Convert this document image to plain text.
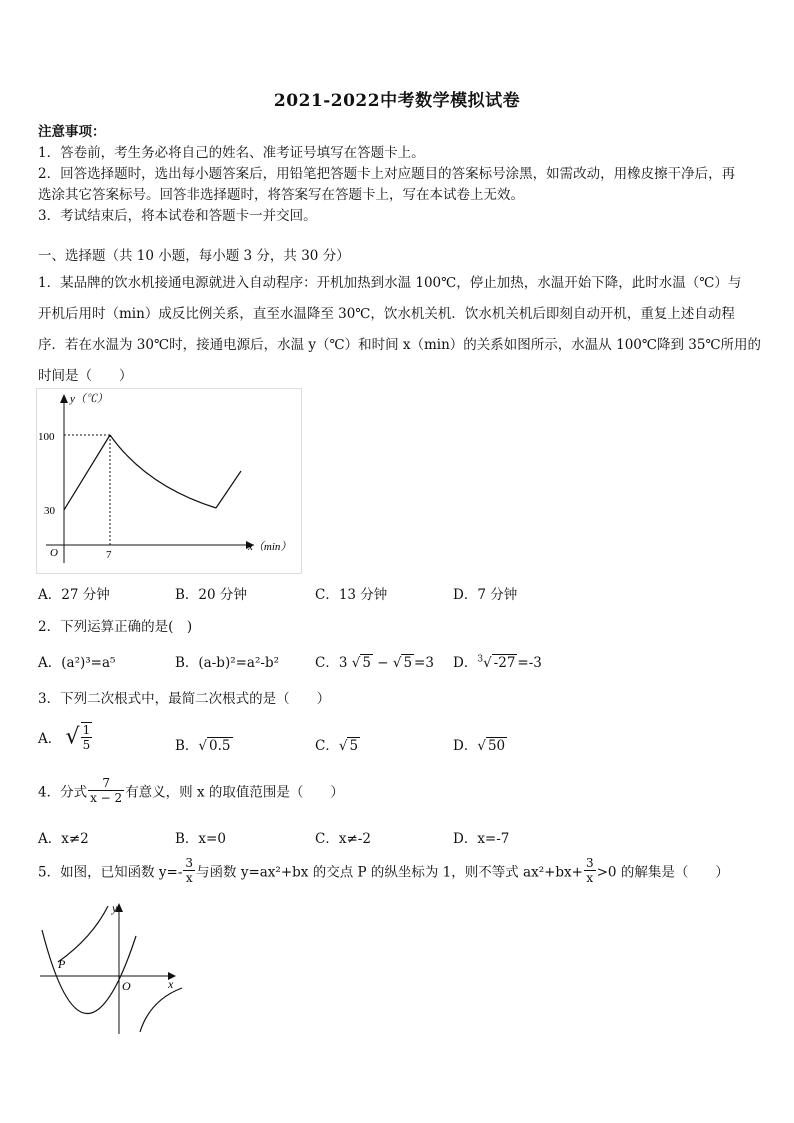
2021-2022中考数学模拟试卷
注意事项：
1．答卷前，考生务必将自己的姓名、准考证号填写在答题卡上。
2．回答选择题时，选出每小题答案后，用铅笔把答题卡上对应题目的答案标号涂黑，如需改动，用橡皮擦干净后，再
选涂其它答案标号。回答非选择题时，将答案写在答题卡上，写在本试卷上无效。
3．考试结束后，将本试卷和答题卡一并交回。
一、选择题（共 10 小题，每小题 3 分，共 30 分）
1．某品牌的饮水机接通电源就进入自动程序：开机加热到水温 100℃，停止加热，水温开始下降，此时水温（℃）与
开机后用时（min）成反比例关系，直至水温降至 30℃，饮水机关机．饮水机关机后即刻自动开机，重复上述自动程
序．若在水温为 30℃时，接通电源后，水温 y（℃）和时间 x（min）的关系如图所示，水温从 100℃降到 35℃所用的
时间是（　　）
y（℃）
x（min）
O
100
30
7
A．27 分钟	B．20 分钟	C．13 分钟	D．7 分钟
2．下列运算正确的是(　)
A．(a²)³=a⁵	B．(a-b)²=a²-b²	C．3 √ 5 − √ 5 =3 D．$^3$√ -27 =-3
3．下列二次根式中，最简二次根式的是（　　）
A． √ $\frac{1}{5}$	B．√ 0.5	C．√ 5	D．√ 50
4．分式 $\frac{7}{x - 2}$ 有意义，则 x 的取值范围是（　　）
A．x≠2	B．x=0	C．x≠-2	D．x=-7
5．如图，已知函数 $y=- \frac{3}{x}$ 与函数 y=ax²+bx 的交点 P 的纵坐标为 1，则不等式 $ax^2+bx+ \frac{3}{x} >0$ 的解集是（　　）
y
x
O
P
